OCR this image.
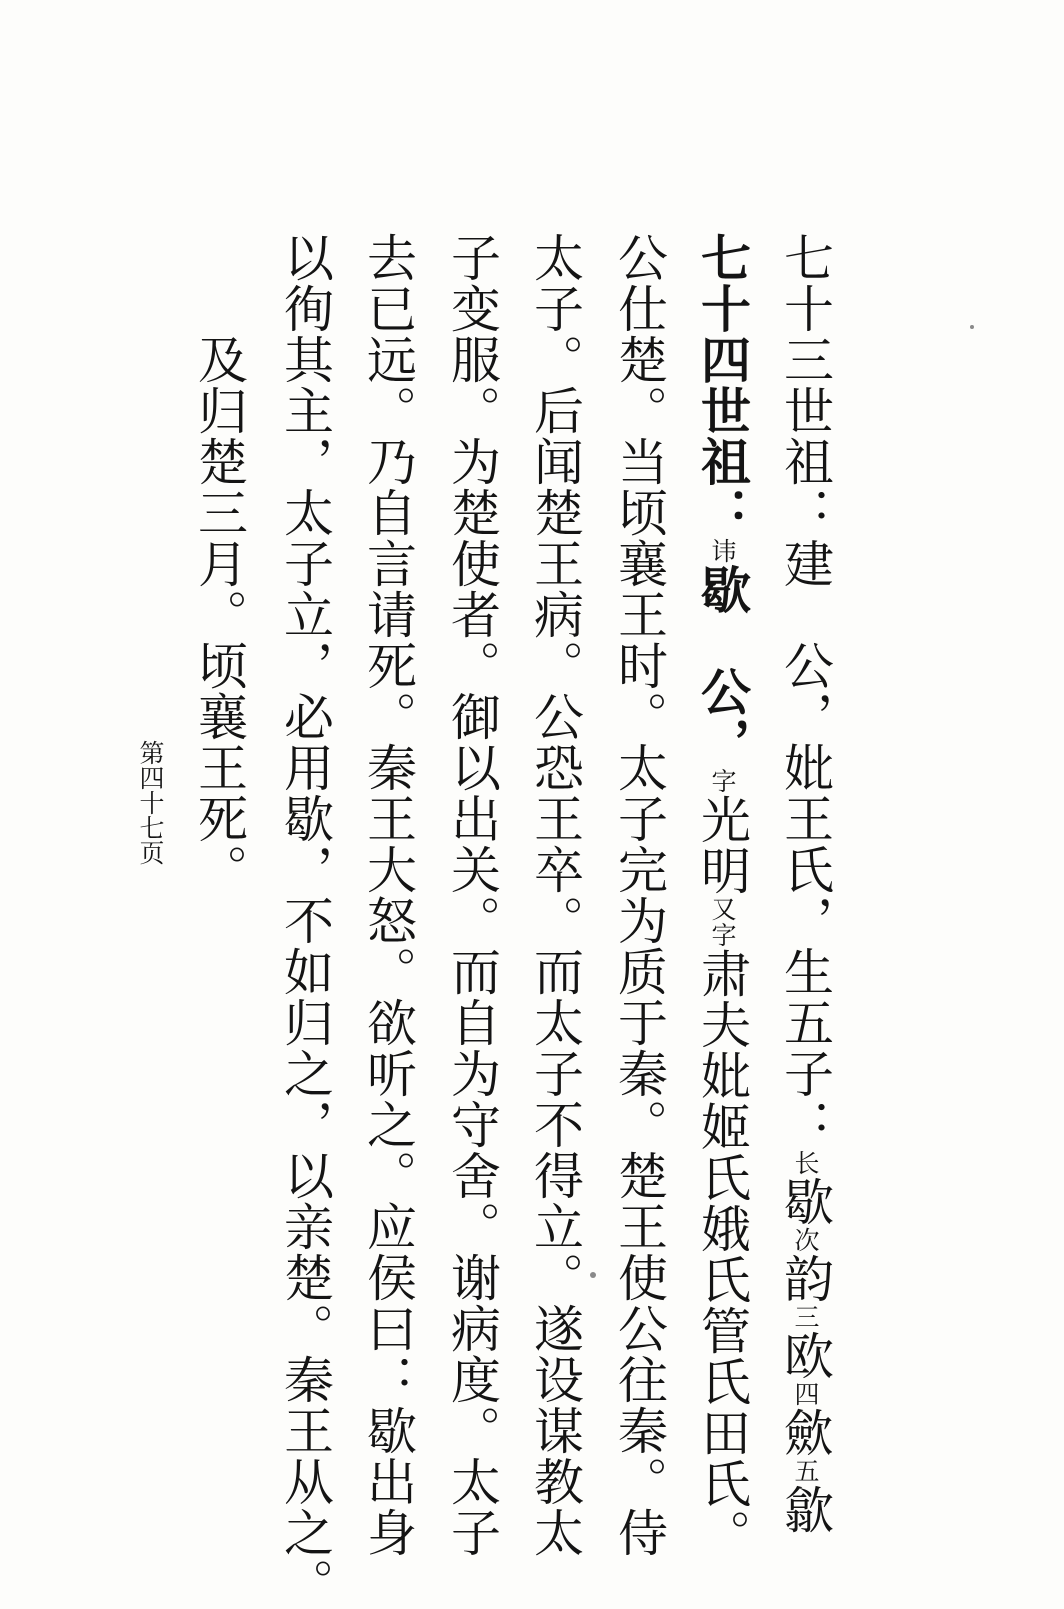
七十三世祖：建　公，妣王氏，生五子：长歇次韵三欧四歛五歙
七十四世祖：讳歇　公，字光明又字肃夫妣姬氏娥氏管氏田氏。
公仕楚。当顷襄王时。太子完为质于秦。楚王使公往秦。侍
太子。后闻楚王病。公恐王卒。而太子不得立。遂设谋教太
子变服。为楚使者。御以出关。而自为守舍。谢病度。太子
去已远。乃自言请死。秦王大怒。欲听之。应侯曰：歇出身
以徇其主，太子立，必用歇，不如归之，以亲楚。秦王从之。
　　及归楚三月。顷襄王死。
第四十七页
